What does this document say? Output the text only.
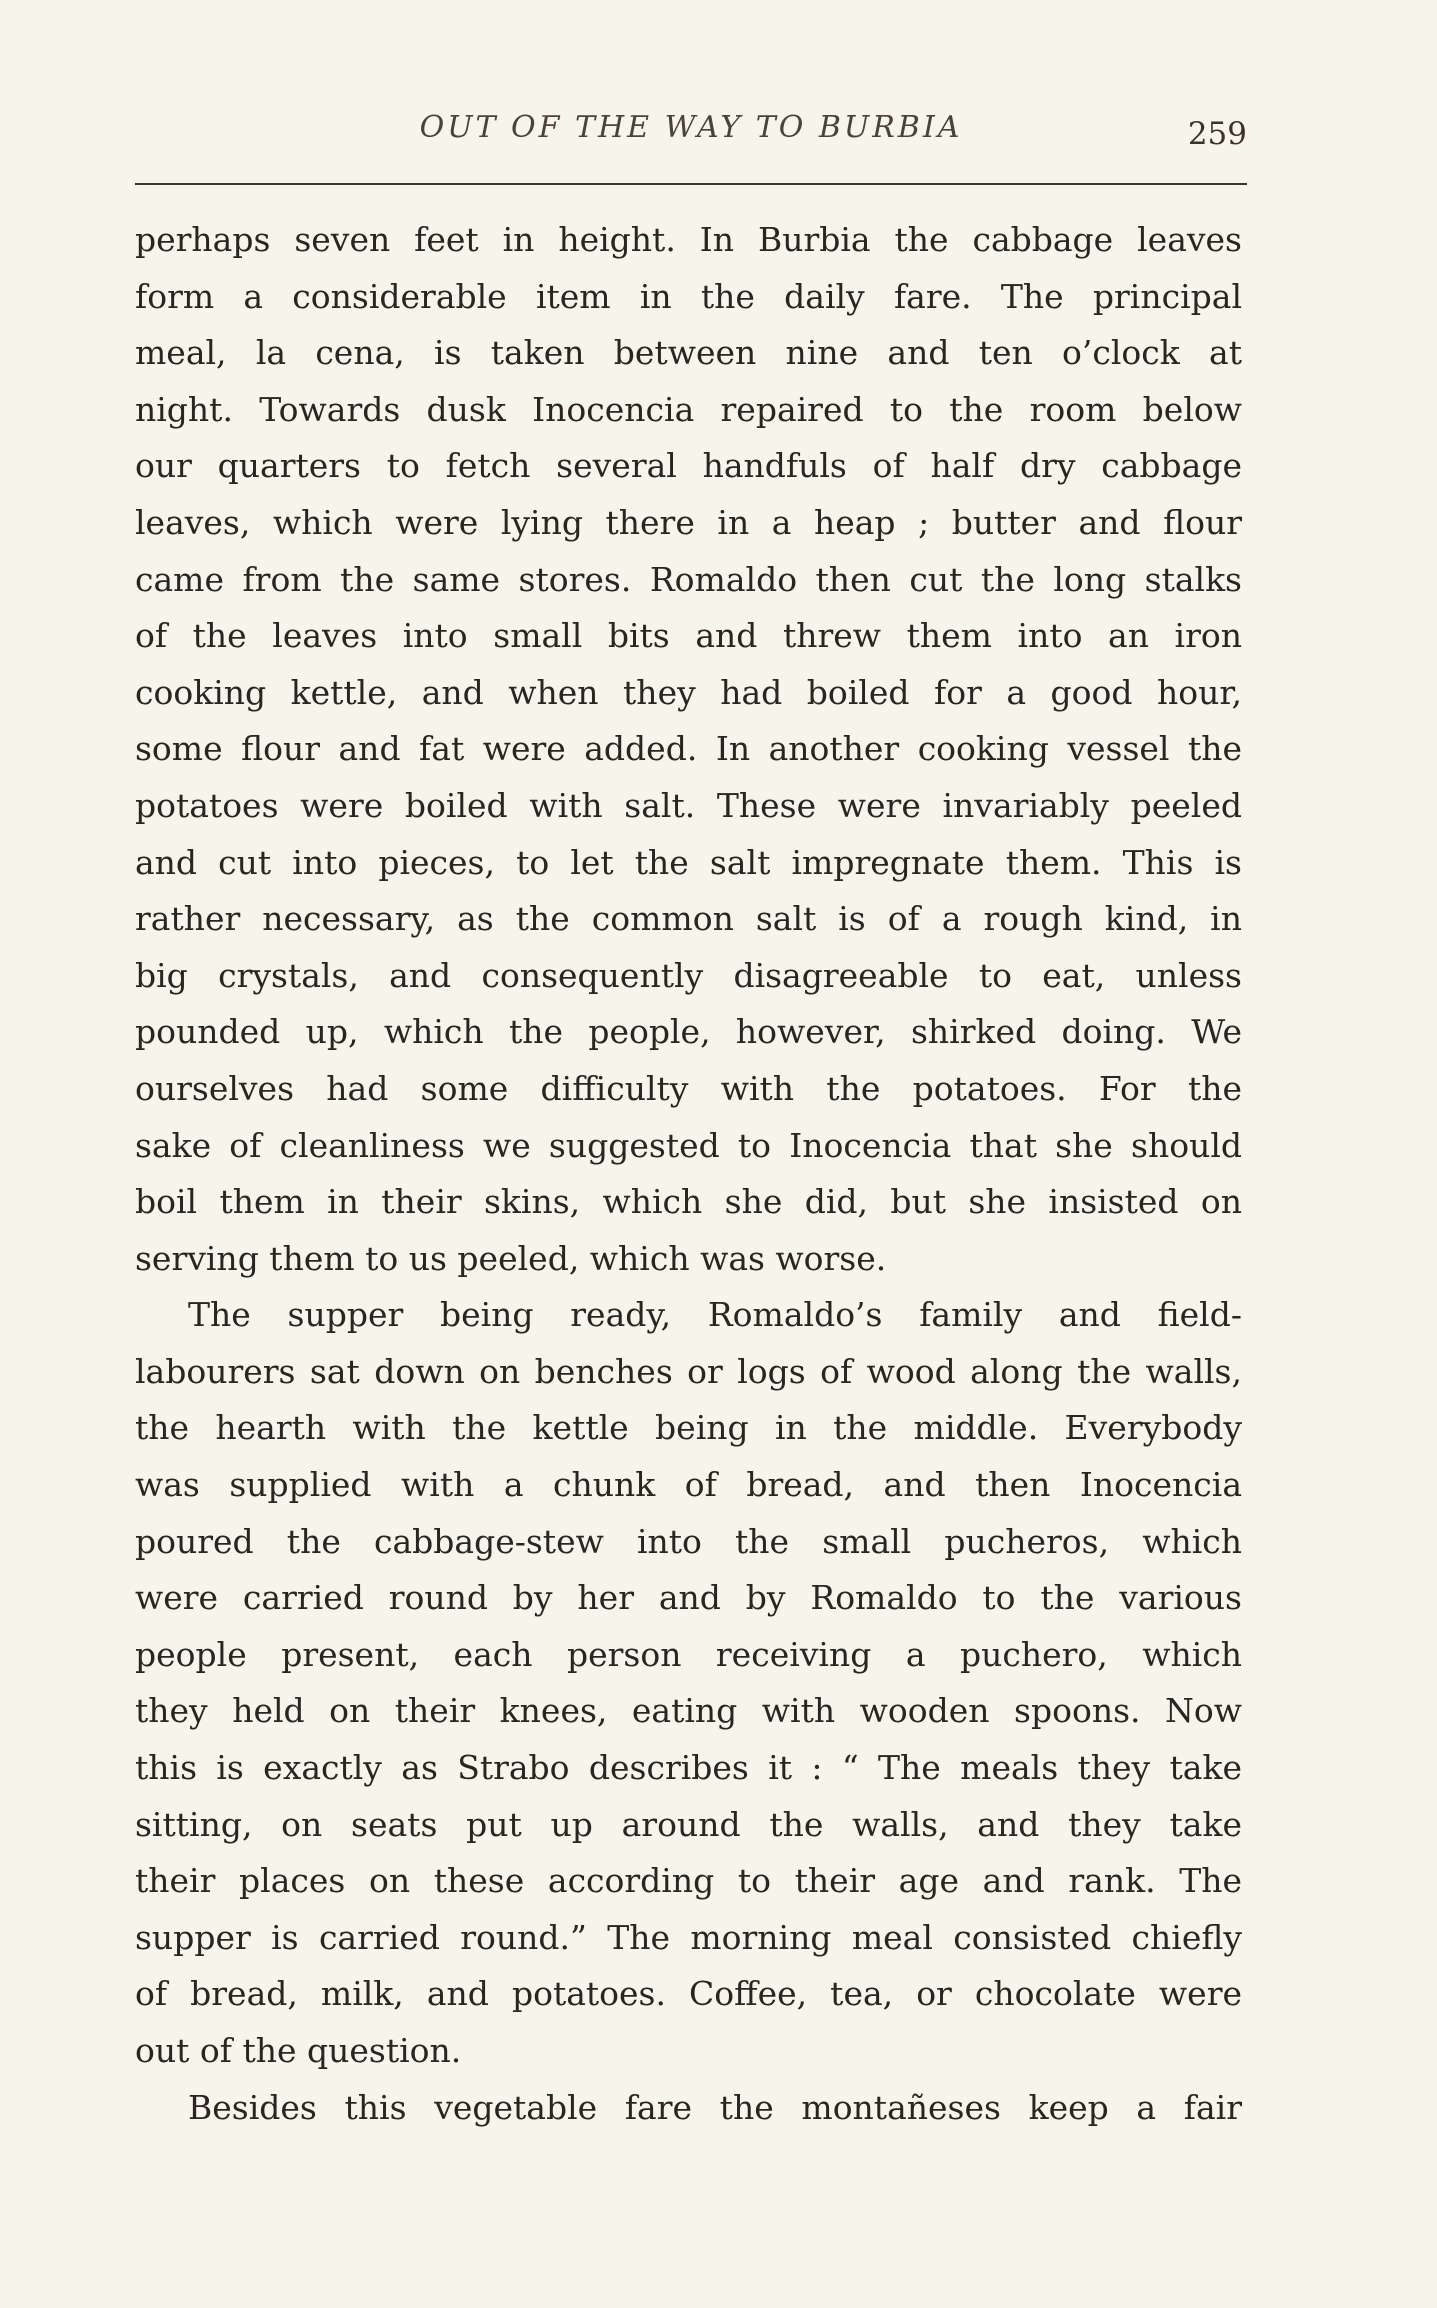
OUT OF THE WAY TO BURBIA	259
perhaps seven feet in height. In Burbia the cabbage leaves
form a considerable item in the daily fare. The principal
meal, la cena, is taken between nine and ten o’clock at
night. Towards dusk Inocencia repaired to the room below
our quarters to fetch several handfuls of half dry cabbage
leaves, which were lying there in a heap ; butter and flour
came from the same stores. Romaldo then cut the long stalks
of the leaves into small bits and threw them into an iron
cooking kettle, and when they had boiled for a good hour,
some flour and fat were added. In another cooking vessel the
potatoes were boiled with salt. These were invariably peeled
and cut into pieces, to let the salt impregnate them. This is
rather necessary, as the common salt is of a rough kind, in
big crystals, and consequently disagreeable to eat, unless
pounded up, which the people, however, shirked doing. We
ourselves had some difficulty with the potatoes. For the
sake of cleanliness we suggested to Inocencia that she should
boil them in their skins, which she did, but she insisted on
serving them to us peeled, which was worse.
The supper being ready, Romaldo’s family and field-
labourers sat down on benches or logs of wood along the walls,
the hearth with the kettle being in the middle. Everybody
was supplied with a chunk of bread, and then Inocencia
poured the cabbage-stew into the small pucheros, which
were carried round by her and by Romaldo to the various
people present, each person receiving a puchero, which
they held on their knees, eating with wooden spoons. Now
this is exactly as Strabo describes it : “ The meals they take
sitting, on seats put up around the walls, and they take
their places on these according to their age and rank. The
supper is carried round.” The morning meal consisted chiefly
of bread, milk, and potatoes. Coffee, tea, or chocolate were
out of the question.
Besides this vegetable fare the montañeses keep a fair
